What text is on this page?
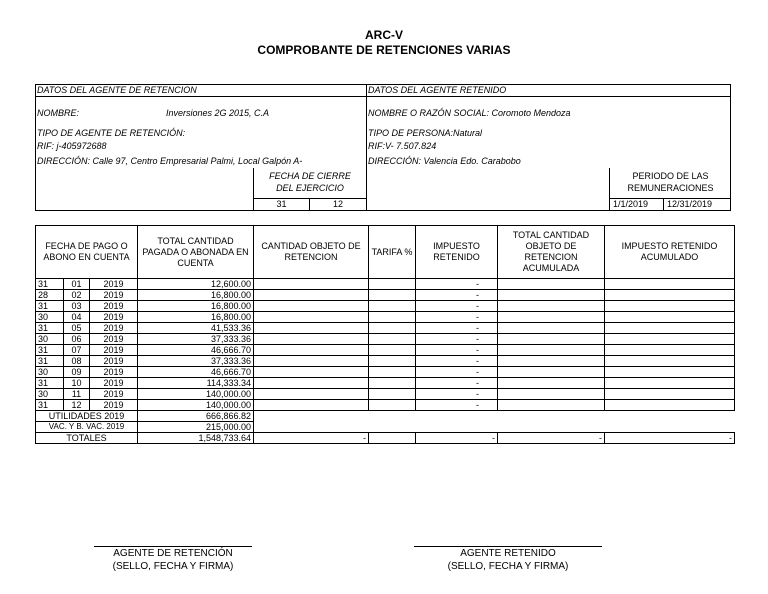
ARC-V
COMPROBANTE DE RETENCIONES VARIAS
DATOS DEL AGENTE DE RETENCION
NOMBRE:	Inversiones 2G 2015, C.A
TIPO DE AGENTE DE RETENCIÓN:
RIF: j-405972688
DIRECCIÓN: Calle 97, Centro Empresarial Palmi, Local Galpón A-
FECHA DE CIERRE
DEL EJERCICIO
31	12
DATOS DEL AGENTE RETENIDO
NOMBRE O RAZÓN SOCIAL: Coromoto Mendoza
TIPO DE PERSONA:Natural
RIF:V- 7.507.824
DIRECCIÓN: Valencia Edo. Carabobo
PERIODO DE LAS
REMUNERACIONES
1/1/2019 12/31/2019
FECHA DE PAGO O ABONO EN CUENTA			TOTAL CANTIDAD PAGADA O ABONADA EN CUENTA	CANTIDAD OBJETO DE RETENCION	TARIFA %	IMPUESTO RETENIDO	TOTAL CANTIDAD OBJETO DE RETENCION ACUMULADA	IMPUESTO RETENIDO ACUMULADO
31	01	2019	12,600.00			-		
28	02	2019	16,800.00			-		
31	03	2019	16,800.00			-		
30	04	2019	16,800.00			-		
31	05	2019	41,533.36			-		
30	06	2019	37,333.36			-		
31	07	2019	46,666.70			-		
31	08	2019	37,333.36			-		
30	09	2019	46,666.70			-		
31	10	2019	114,333.34			-		
30	11	2019	140,000.00			-		
31	12	2019	140,000.00			-		
UTILIDADES 2019			666,866.82					
VAC. Y B. VAC. 2019			215,000.00					
TOTALES			1,548,733.64	-		-	-	-
AGENTE DE RETENCIÓN
(SELLO, FECHA Y FIRMA)
AGENTE RETENIDO
(SELLO, FECHA Y FIRMA)
